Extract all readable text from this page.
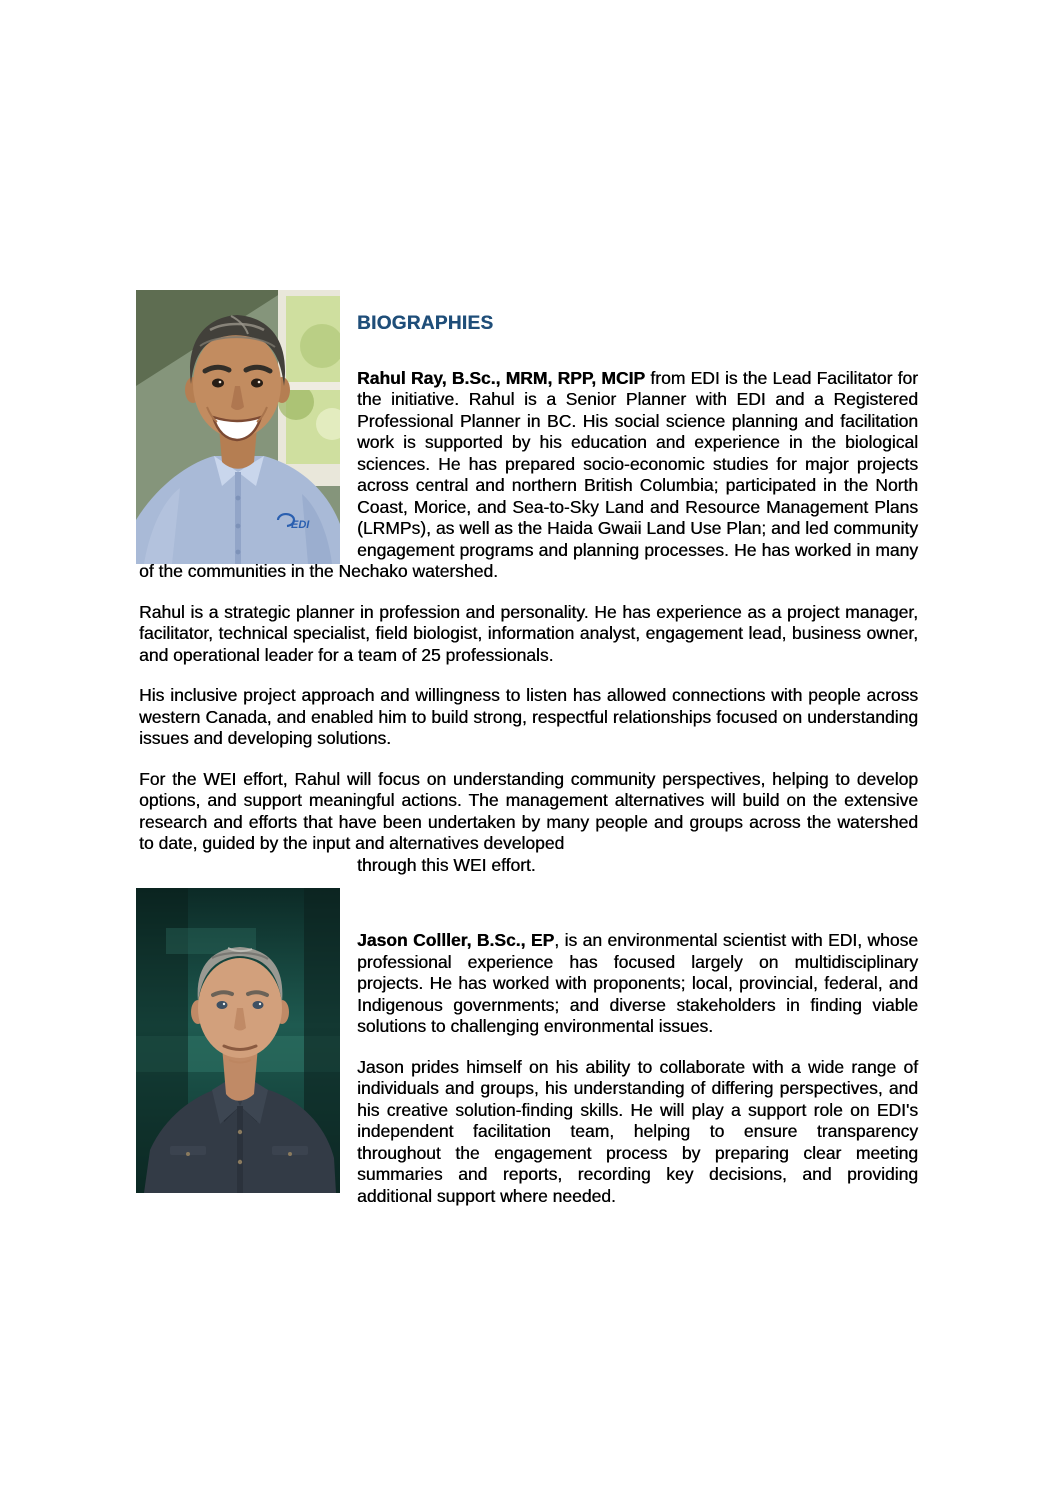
EDI
BIOGRAPHIES

Rahul Ray, B.Sc., MRM, RPP, MCIP from EDI is the Lead Facilitator for the initiative. Rahul is a Senior Planner with EDI and a Registered Professional Planner in BC. His social science planning and facilitation work is supported by his education and experience in the biological sciences. He has prepared socio-economic studies for major projects across central and northern British Columbia; participated in the North Coast, Morice, and Sea-to-Sky Land and Resource Management Plans (LRMPs), as well as the Haida Gwaii Land Use Plan; and led community engagement programs and planning processes. He has worked in many of the communities in the Nechako watershed.

Rahul is a strategic planner in profession and personality. He has experience as a project manager, facilitator, technical specialist, field biologist, information analyst, engagement lead, business owner, and operational leader for a team of 25 professionals.

His inclusive project approach and willingness to listen has allowed connections with people across western Canada, and enabled him to build strong, respectful relationships focused on understanding issues and developing solutions.

For the WEI effort, Rahul will focus on understanding community perspectives, helping to develop options, and support meaningful actions. The management alternatives will build on the extensive research and efforts that have been undertaken by many people and groups across the watershed to date, guided by the input and alternatives developed

through this WEI effort.

Jason Colller, B.Sc., EP, is an environmental scientist with EDI, whose professional experience has focused largely on multidisciplinary projects. He has worked with proponents; local, provincial, federal, and Indigenous governments; and diverse stakeholders in finding viable solutions to challenging environmental issues.

Jason prides himself on his ability to collaborate with a wide range of individuals and groups, his understanding of differing perspectives, and his creative solution-finding skills. He will play a support role on EDI's independent facilitation team, helping to ensure transparency throughout the engagement process by preparing clear meeting summaries and reports, recording key decisions, and providing additional support where needed.
